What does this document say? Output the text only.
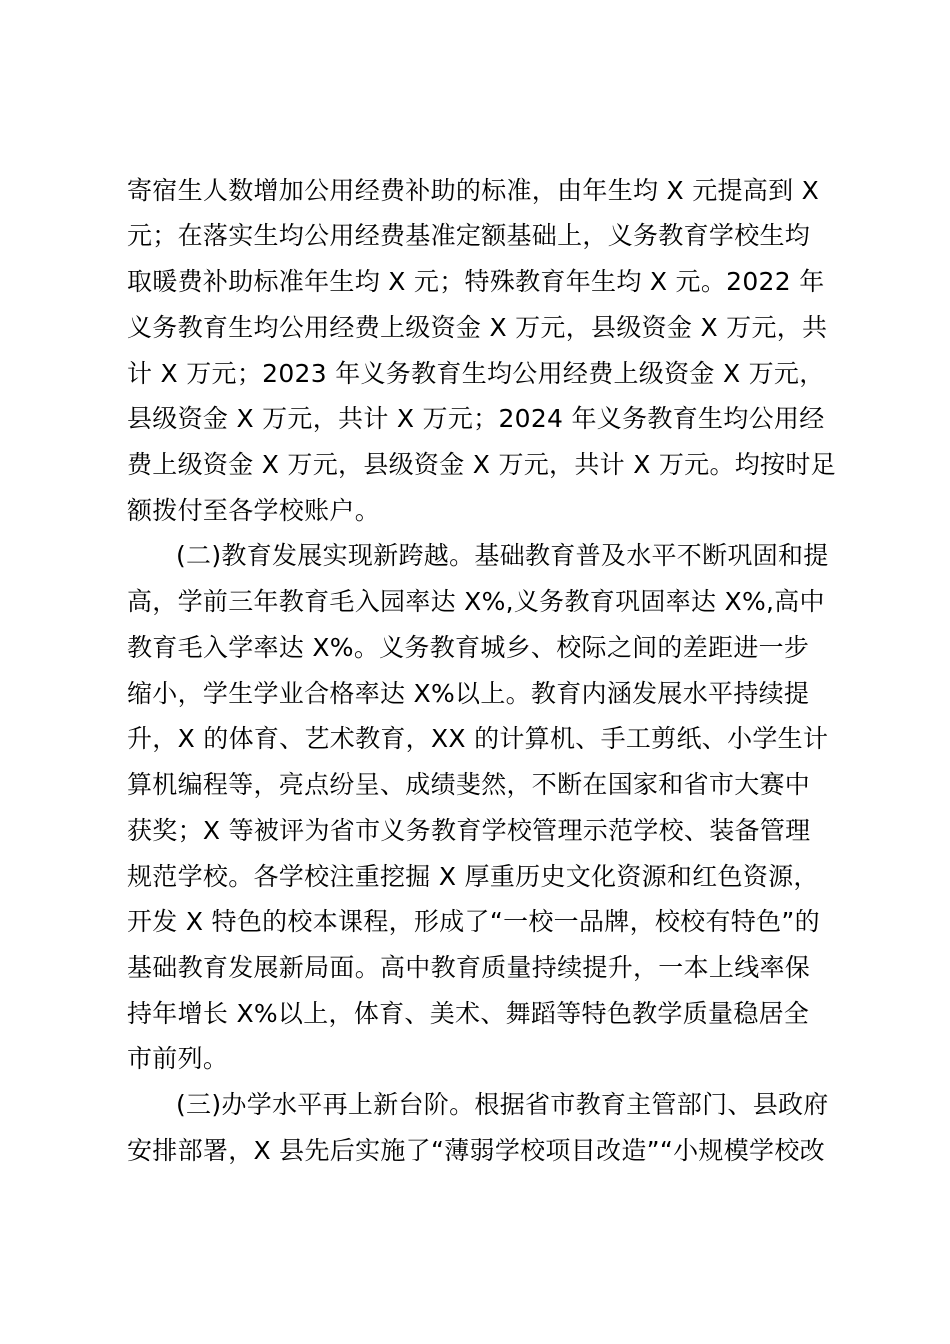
寄宿生人数增加公用经费补助的标准，由年生均 X 元提高到 X
元；在落实生均公用经费基准定额基础上，义务教育学校生均
取暖费补助标准年生均 X 元；特殊教育年生均 X 元。2022 年
义务教育生均公用经费上级资金 X 万元，县级资金 X 万元，共
计 X 万元；2023 年义务教育生均公用经费上级资金 X 万元，
县级资金 X 万元，共计 X 万元；2024 年义务教育生均公用经
费上级资金 X 万元，县级资金 X 万元，共计 X 万元。均按时足
额拨付至各学校账户。
(二)教育发展实现新跨越。基础教育普及水平不断巩固和提
高，学前三年教育毛入园率达 X%,义务教育巩固率达 X%,高中
教育毛入学率达 X%。义务教育城乡、校际之间的差距进一步
缩小，学生学业合格率达 X%以上。教育内涵发展水平持续提
升，X 的体育、艺术教育，XX 的计算机、手工剪纸、小学生计
算机编程等，亮点纷呈、成绩斐然，不断在国家和省市大赛中
获奖；X 等被评为省市义务教育学校管理示范学校、装备管理
规范学校。各学校注重挖掘 X 厚重历史文化资源和红色资源，
开发 X 特色的校本课程，形成了“一校一品牌，校校有特色”的
基础教育发展新局面。高中教育质量持续提升，一本上线率保
持年增长 X%以上，体育、美术、舞蹈等特色教学质量稳居全
市前列。
(三)办学水平再上新台阶。根据省市教育主管部门、县政府
安排部署，X 县先后实施了“薄弱学校项目改造”“小规模学校改
